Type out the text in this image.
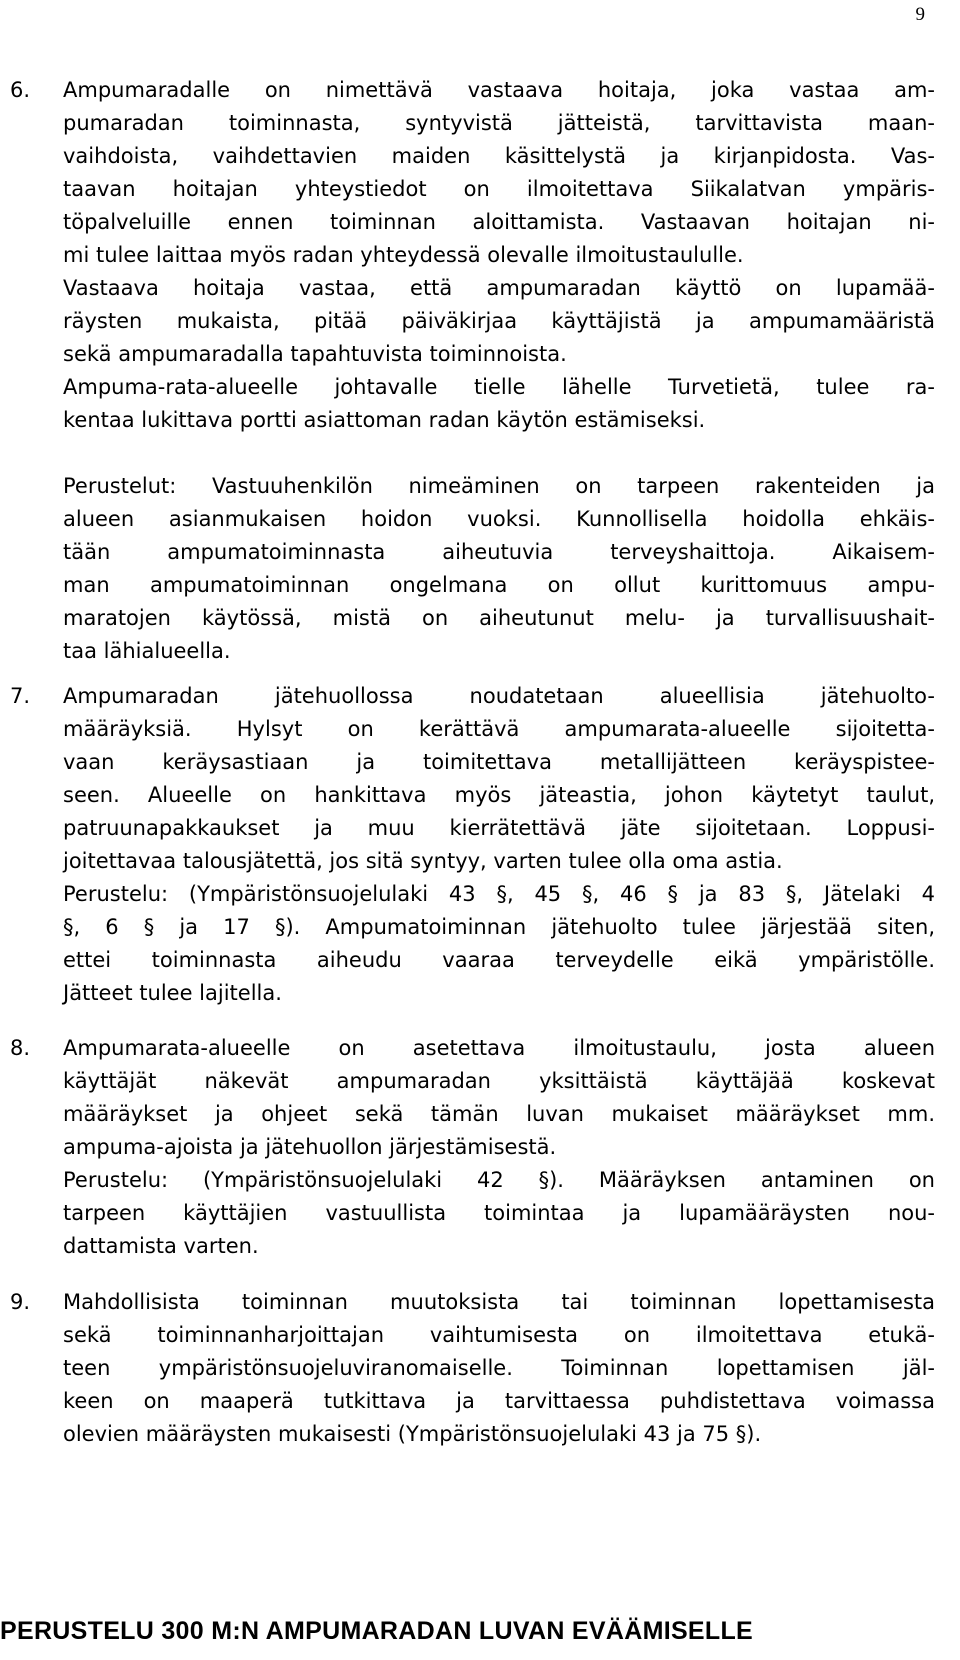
9
6. Ampumaradalle on nimettävä vastaava hoitaja, joka vastaa am-
pumaradan toiminnasta, syntyvistä jätteistä, tarvittavista maan-
vaihdoista, vaihdettavien maiden käsittelystä ja kirjanpidosta. Vas-
taavan hoitajan yhteystiedot on ilmoitettava Siikalatvan ympäris-
töpalveluille ennen toiminnan aloittamista. Vastaavan hoitajan ni-
mi tulee laittaa myös radan yhteydessä olevalle ilmoitustaululle.
Vastaava hoitaja vastaa, että ampumaradan käyttö on lupamää-
räysten mukaista, pitää päiväkirjaa käyttäjistä ja ampumamääristä
sekä ampumaradalla tapahtuvista toiminnoista.
Ampuma-rata-alueelle johtavalle tielle lähelle Turvetietä, tulee ra-
kentaa lukittava portti asiattoman radan käytön estämiseksi.
Perustelut: Vastuuhenkilön nimeäminen on tarpeen rakenteiden ja
alueen asianmukaisen hoidon vuoksi. Kunnollisella hoidolla ehkäis-
tään ampumatoiminnasta aiheutuvia terveyshaittoja. Aikaisem-
man ampumatoiminnan ongelmana on ollut kurittomuus ampu-
maratojen käytössä, mistä on aiheutunut melu- ja turvallisuushait-
taa lähialueella.
7. Ampumaradan jätehuollossa noudatetaan alueellisia jätehuolto-
määräyksiä. Hylsyt on kerättävä ampumarata-alueelle sijoitetta-
vaan keräysastiaan ja toimitettava metallijätteen keräyspistee-
seen. Alueelle on hankittava myös jäteastia, johon käytetyt taulut,
patruunapakkaukset ja muu kierrätettävä jäte sijoitetaan. Loppusi-
joitettavaa talousjätettä, jos sitä syntyy, varten tulee olla oma astia.
Perustelu: (Ympäristönsuojelulaki 43 §, 45 §, 46 § ja 83 §, Jätelaki 4
§, 6 § ja 17 §). Ampumatoiminnan jätehuolto tulee järjestää siten,
ettei toiminnasta aiheudu vaaraa terveydelle eikä ympäristölle.
Jätteet tulee lajitella.
8. Ampumarata-alueelle on asetettava ilmoitustaulu, josta alueen
käyttäjät näkevät ampumaradan yksittäistä käyttäjää koskevat
määräykset ja ohjeet sekä tämän luvan mukaiset määräykset mm.
ampuma-ajoista ja jätehuollon järjestämisestä.
Perustelu: (Ympäristönsuojelulaki 42 §). Määräyksen antaminen on
tarpeen käyttäjien vastuullista toimintaa ja lupamääräysten nou-
dattamista varten.
9. Mahdollisista toiminnan muutoksista tai toiminnan lopettamisesta
sekä toiminnanharjoittajan vaihtumisesta on ilmoitettava etukä-
teen ympäristönsuojeluviranomaiselle. Toiminnan lopettamisen jäl-
keen on maaperä tutkittava ja tarvittaessa puhdistettava voimassa
olevien määräysten mukaisesti (Ympäristönsuojelulaki 43 ja 75 §).
PERUSTELU 300 M:N AMPUMARADAN LUVAN EVÄÄMISELLE
